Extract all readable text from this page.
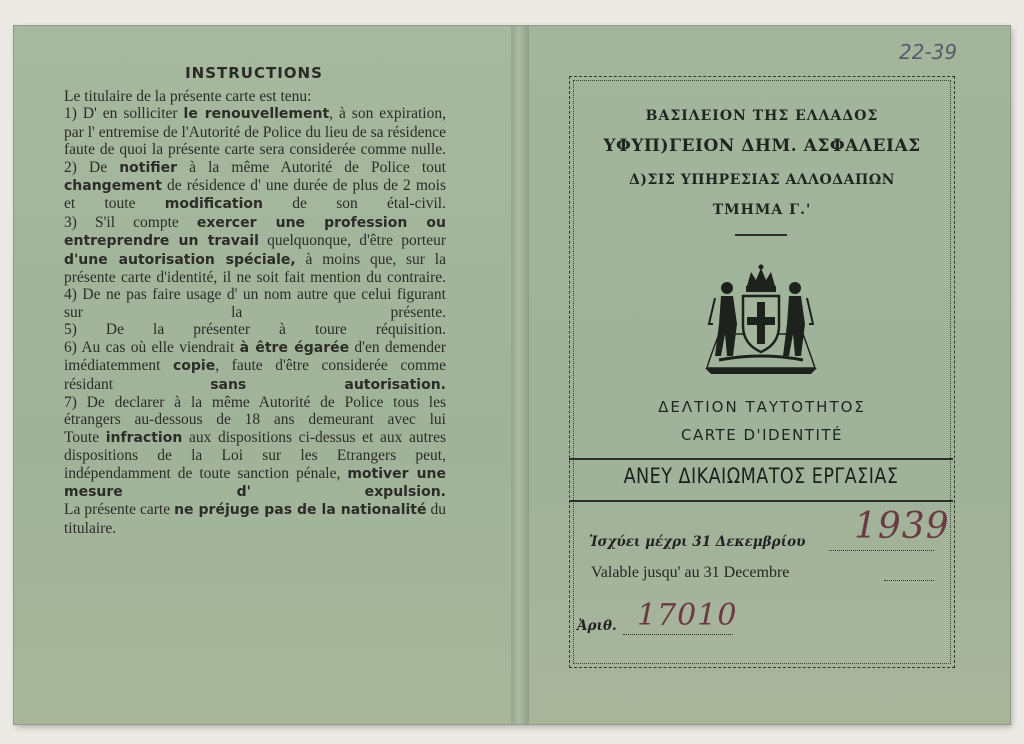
INSTRUCTIONS

Le titulaire de la présente carte est tenu:

1) D' en solliciter le renouvellement, à son expiration, par l' entremise de l'Autorité de Police du lieu de sa résidence faute de quoi la présente carte sera considerée comme nulle.

2) De notifier à la même Autorité de Police tout changement de résidence d' une durée de plus de 2 mois et toute modification de son étal-civil.

3) S'il compte exercer une profession ou entreprendre un travail quelquonque, d'être porteur d'une autorisation spéciale, à moins que, sur la présente carte d'identité, il ne soit fait mention du contraire.

4) De ne pas faire usage d' un nom autre que celui figurant sur la présente.

5) De la présenter à toure réquisition.

6) Au cas où elle viendrait à être égarée d'en demender imédiatemment copie, faute d'être considerée comme résidant sans autorisation.

7) De declarer à la même Autorité de Police tous les étrangers au-dessous de 18 ans demeurant avec lui

Toute infraction aux dispositions ci-dessus et aux autres dispositions de la Loi sur les Etrangers peut, indépendamment de toute sanction pénale, motiver une mesure d' expulsion.

La présente carte ne préjuge pas de la nationalité du titulaire.

22-39
ΒΑΣΙΛΕΙΟΝ ΤΗΣ ΕΛΛΑΔΟΣ
ΥΦΥΠ)ΓΕΙΟΝ ΔΗΜ. ΑΣΦΑΛΕΙΑΣ
Δ)ΣΙΣ ΥΠΗΡΕΣΙΑΣ ΑΛΛΟΔΑΠΩΝ
ΤΜΗΜΑ Γ.'
ΔΕΛΤΙΟΝ ΤΑΥΤΟΤΗΤΟΣ
CARTE D'IDENTITÉ
ΑΝΕΥ ΔΙΚΑΙΩΜΑΤΟΣ ΕΡΓΑΣΙΑΣ
Ἰσχύει μέχρι 31 Δεκεμβρίου 1939
Valable jusqu' au 31 Decembre
Ἀριθ. 17010
